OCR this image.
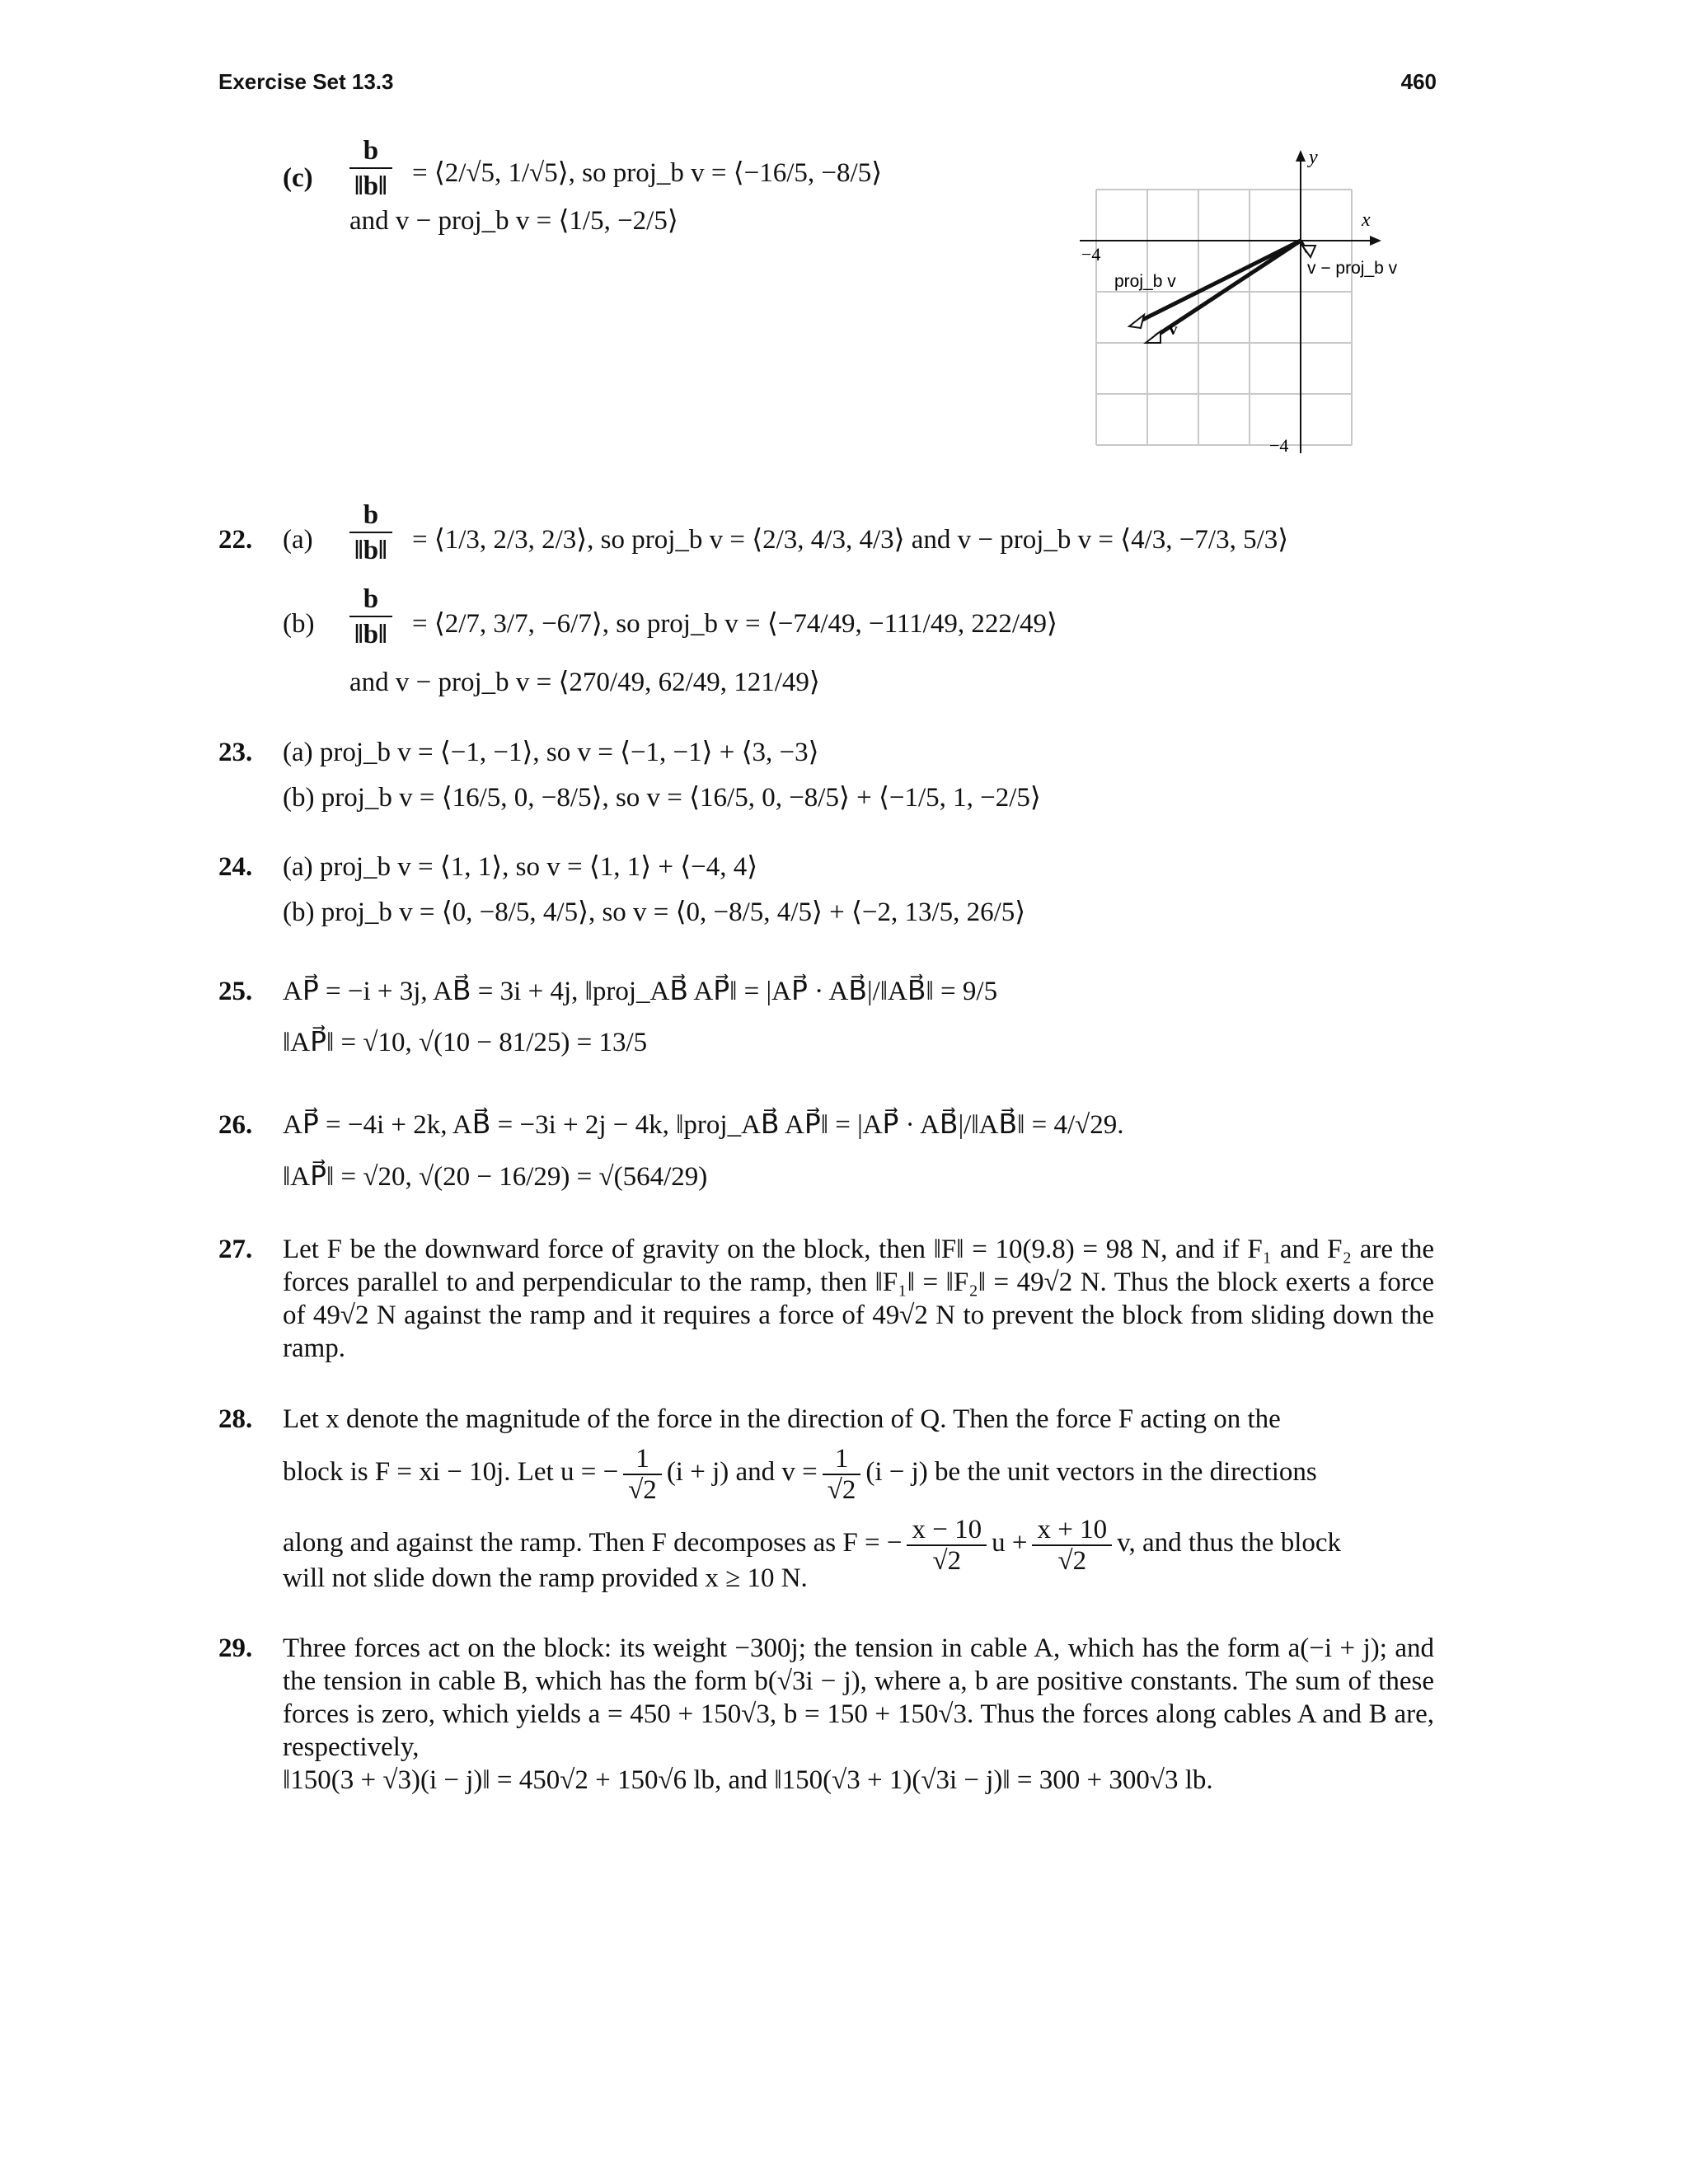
Exercise Set 13.3	460
$(c) \frac{b}{‖b‖}$ = ⟨2/√5, 1/√5⟩, so proj_b v = ⟨−16/5, −8/5⟩
and v − proj_b v = ⟨1/5, −2/5⟩	x
y
−4
−4
proj_b v
v
v − proj_b v
22. $(a) \frac{b}{‖b‖}$ = ⟨1/3, 2/3, 2/3⟩, so proj_b v = ⟨2/3, 4/3, 4/3⟩ and v − proj_b v = ⟨4/3, −7/3, 5/3⟩
$(b) \frac{b}{‖b‖}$ = ⟨2/7, 3/7, −6/7⟩, so proj_b v = ⟨−74/49, −111/49, 222/49⟩
and v − proj_b v = ⟨270/49, 62/49, 121/49⟩
23. (a) proj_b v = ⟨−1, −1⟩, so v = ⟨−1, −1⟩ + ⟨3, −3⟩
(b) proj_b v = ⟨16/5, 0, −8/5⟩, so v = ⟨16/5, 0, −8/5⟩ + ⟨−1/5, 1, −2/5⟩
24. (a) proj_b v = ⟨1, 1⟩, so v = ⟨1, 1⟩ + ⟨−4, 4⟩
(b) proj_b v = ⟨0, −8/5, 4/5⟩, so v = ⟨0, −8/5, 4/5⟩ + ⟨−2, 13/5, 26/5⟩
25. AP⃗ = −i + 3j, AB⃗ = 3i + 4j, ‖proj_AB⃗ AP⃗‖ = |AP⃗ · AB⃗|/‖AB⃗‖ = 9/5
‖AP⃗‖ = √10, √(10 − 81/25) = 13/5
26. AP⃗ = −4i + 2k, AB⃗ = −3i + 2j − 4k, ‖proj_AB⃗ AP⃗‖ = |AP⃗ · AB⃗|/‖AB⃗‖ = 4/√29.
‖AP⃗‖ = √20, √(20 − 16/29) = √(564/29)
27. Let F be the downward force of gravity on the block, then ‖F‖ = 10(9.8) = 98 N, and if F₁ and F₂ are the forces parallel to and perpendicular to the ramp, then ‖F₁‖ = ‖F₂‖ = 49√2 N. Thus the block exerts a force of 49√2 N against the ramp and it requires a force of 49√2 N to prevent the block from sliding down the ramp.
28. Let x denote the magnitude of the force in the direction of Q. Then the force F acting on the
block is F = xi − 10j. Let u = − $\frac{1}{√2} (i + j)$ and $v = \frac{1}{√2} (i - j)$ be the unit vectors in the directions
along and against the ramp. Then F decomposes as F = − $\frac{x - 10}{√2}$ $u + \frac{x + 10}{√2} v$, and thus the block
will not slide down the ramp provided x ≥ 10 N.
29. Three forces act on the block: its weight −300j; the tension in cable A, which has the form a(−i + j); and the tension in cable B, which has the form b(√3i − j), where a, b are positive constants. The sum of these forces is zero, which yields a = 450 + 150√3, b = 150 + 150√3. Thus the forces along cables A and B are, respectively,
‖150(3 + √3)(i − j)‖ = 450√2 + 150√6 lb, and ‖150(√3 + 1)(√3i − j)‖ = 300 + 300√3 lb.
